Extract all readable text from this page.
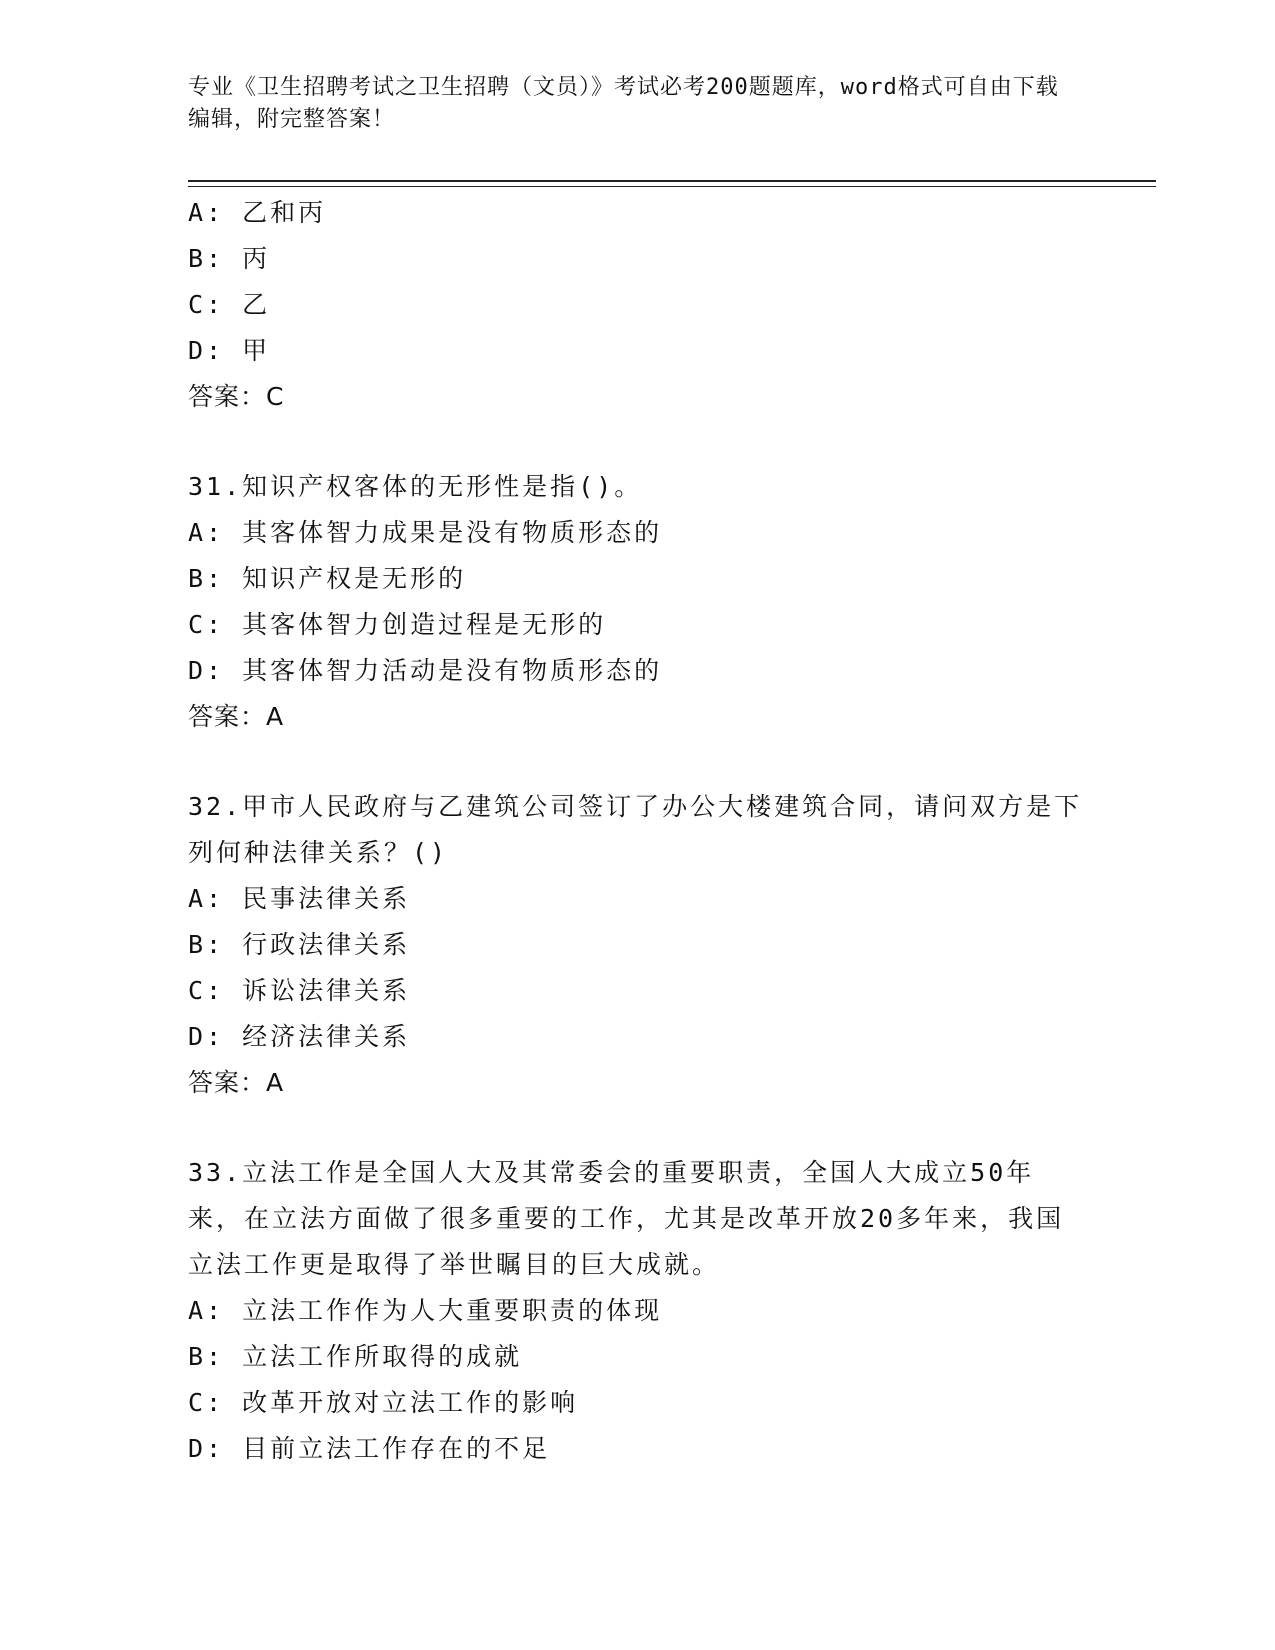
专业《卫生招聘考试之卫生招聘（文员）》考试必考200题题库，word格式可自由下载编辑，附完整答案！
A: 乙和丙
B: 丙
C: 乙
D: 甲
答案：C
31.知识产权客体的无形性是指()。
A: 其客体智力成果是没有物质形态的
B: 知识产权是无形的
C: 其客体智力创造过程是无形的
D: 其客体智力活动是没有物质形态的
答案：A
32.甲市人民政府与乙建筑公司签订了办公大楼建筑合同，请问双方是下列何种法律关系？()
A: 民事法律关系
B: 行政法律关系
C: 诉讼法律关系
D: 经济法律关系
答案：A
33.立法工作是全国人大及其常委会的重要职责，全国人大成立50年来，在立法方面做了很多重要的工作，尤其是改革开放20多年来，我国立法工作更是取得了举世瞩目的巨大成就。
A: 立法工作作为人大重要职责的体现
B: 立法工作所取得的成就
C: 改革开放对立法工作的影响
D: 目前立法工作存在的不足
